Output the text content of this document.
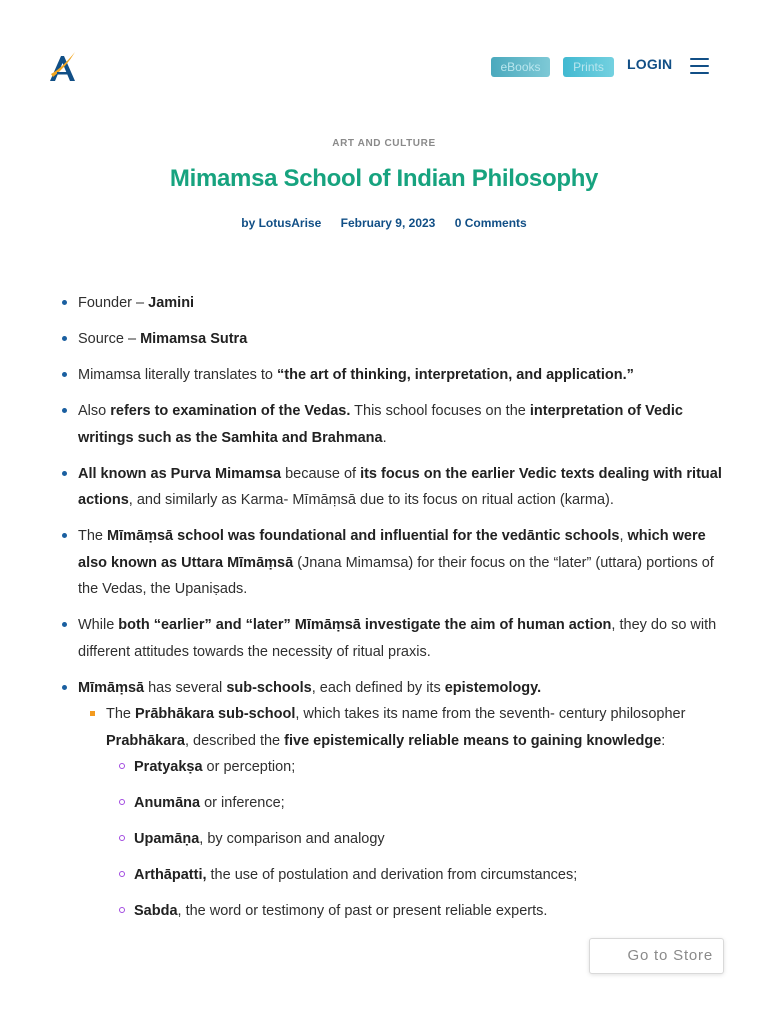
eBooks	Prints	LOGIN
ART AND CULTURE
Mimamsa School of Indian Philosophy
by LotusArise February 9, 2023 0 Comments
Founder – Jamini
Source – Mimamsa Sutra
Mimamsa literally translates to “the art of thinking, interpretation, and application.”
Also refers to examination of the Vedas. This school focuses on the interpretation of Vedic writings such as the Samhita and Brahmana.
All known as Purva Mimamsa because of its focus on the earlier Vedic texts dealing with ritual actions, and similarly as Karma- Mīmāṃsā due to its focus on ritual action (karma).
The Mīmāṃsā school was foundational and influential for the vedāntic schools, which were also known as Uttara Mīmāṃsā (Jnana Mimamsa) for their focus on the “later” (uttara) portions of the Vedas, the Upaniṣads.
While both “earlier” and “later” Mīmāṃsā investigate the aim of human action, they do so with different attitudes towards the necessity of ritual praxis.
Mīmāṃsā has several sub-schools, each defined by its epistemology.
The Prābhākara sub-school, which takes its name from the seventh- century philosopher Prabhākara, described the five epistemically reliable means to gaining knowledge:
Pratyakṣa or perception;
Anumāna or inference;
Upamāṇa, by comparison and analogy
Arthāpatti, the use of postulation and derivation from circumstances;
Sabda, the word or testimony of past or present reliable experts.
Go to Store
